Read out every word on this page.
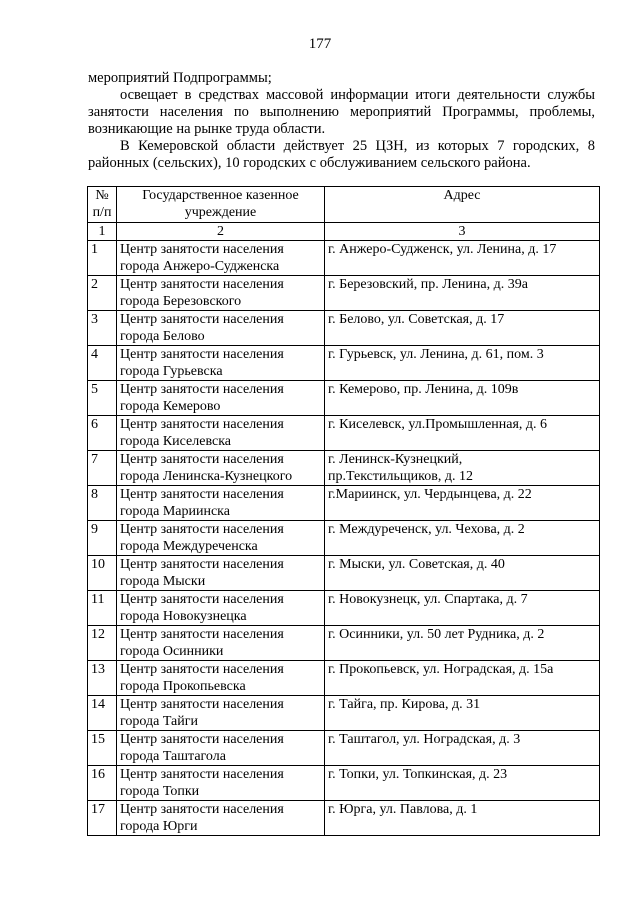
177

мероприятий Подпрограммы;

освещает в средствах массовой информации итоги деятельности службы занятости населения по выполнению мероприятий Программы, проблемы, возникающие на рынке труда области.

В Кемеровской области действует 25 ЦЗН, из которых 7 городских, 8 районных (сельских), 10 городских с обслуживанием сельского района.

№ п/п	Государственное казенное учреждение	Адрес
1	2	3
1	Центр занятости населения
города Анжеро-Судженска	г. Анжеро-Судженск, ул. Ленина, д. 17

2	Центр занятости населения
города Березовского	г. Березовский, пр. Ленина, д. 39а

3	Центр занятости населения
города Белово	г. Белово, ул. Советская, д. 17

4	Центр занятости населения
города Гурьевска	г. Гурьевск, ул. Ленина, д. 61, пом. 3

5	Центр занятости населения
города Кемерово	г. Кемерово, пр. Ленина, д. 109в

6	Центр занятости населения
города Киселевска	г. Киселевск, ул.Промышленная, д. 6

7	Центр занятости населения
города Ленинска-Кузнецкого	г. Ленинск-Кузнецкий,
пр.Текстильщиков, д. 12

8	Центр занятости населения
города Мариинска	г.Мариинск, ул. Чердынцева, д. 22

9	Центр занятости населения
города Междуреченска	г. Междуреченск, ул. Чехова, д. 2

10	Центр занятости населения
города Мыски	г. Мыски, ул. Советская, д. 40

11	Центр занятости населения
города Новокузнецка	г. Новокузнецк, ул. Спартака, д. 7

12	Центр занятости населения
города Осинники	г. Осинники, ул. 50 лет Рудника, д. 2

13	Центр занятости населения
города Прокопьевска	г. Прокопьевск, ул. Ноградская, д. 15а

14	Центр занятости населения
города Тайги	г. Тайга, пр. Кирова, д. 31

15	Центр занятости населения
города Таштагола	г. Таштагол, ул. Ноградская, д. 3

16	Центр занятости населения
города Топки	г. Топки, ул. Топкинская, д. 23

17	Центр занятости населения
города Юрги	г. Юрга, ул. Павлова, д. 1
